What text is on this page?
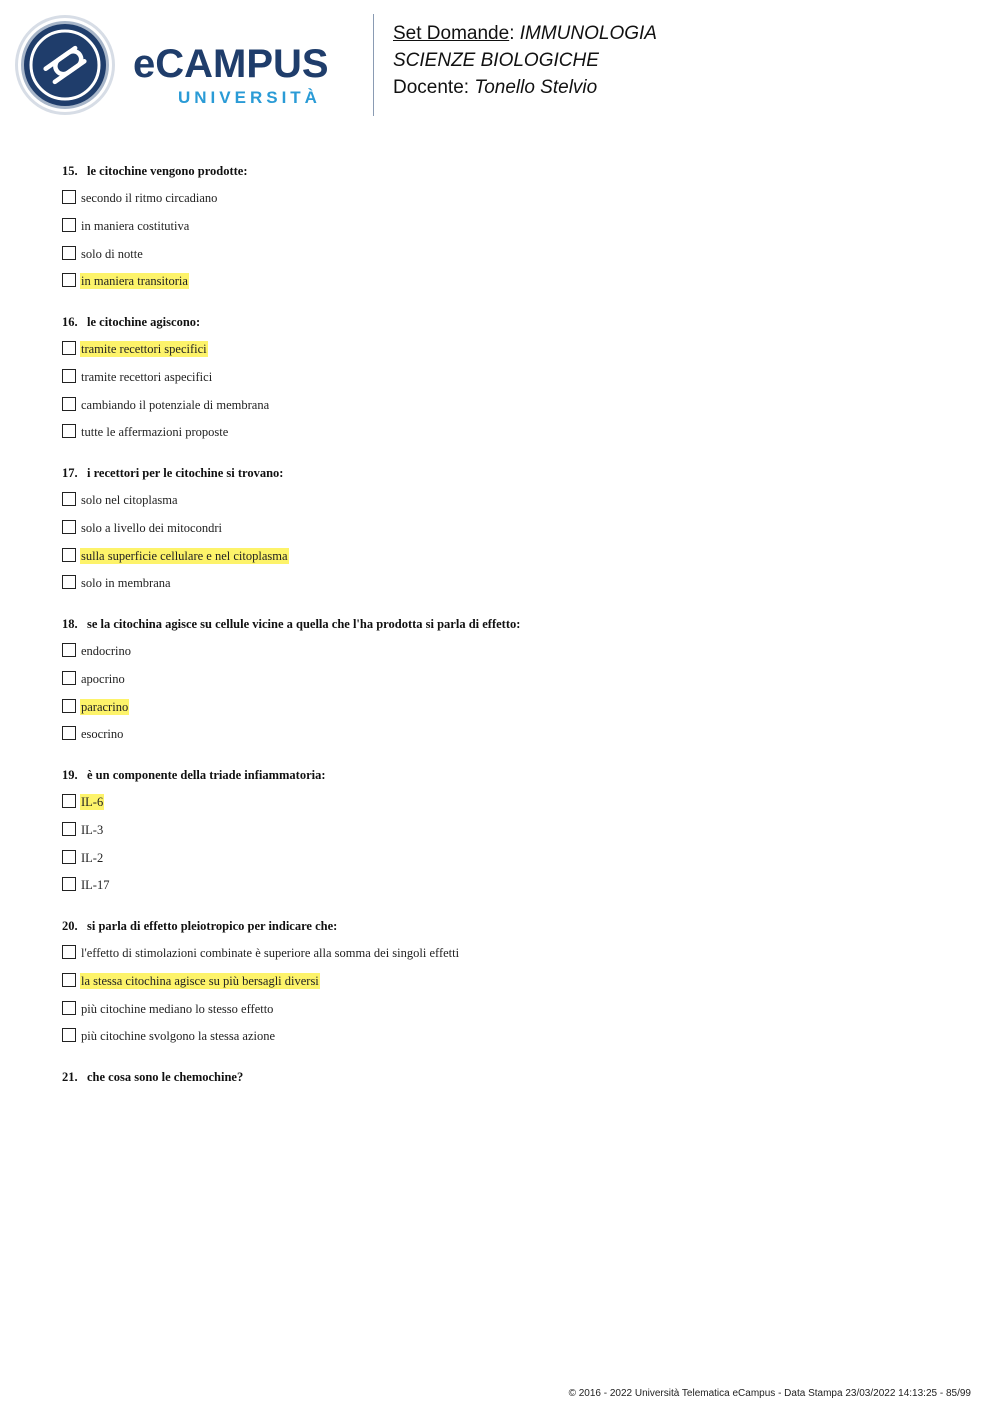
eCAMPUS
UNIVERSITÀ
Set Domande: IMMUNOLOGIA
SCIENZE BIOLOGICHE
Docente: Tonello Stelvio
15. le citochine vengono prodotte:
secondo il ritmo circadiano
in maniera costitutiva
solo di notte
in maniera transitoria
16. le citochine agiscono:
tramite recettori specifici
tramite recettori aspecifici
cambiando il potenziale di membrana
tutte le affermazioni proposte
17. i recettori per le citochine si trovano:
solo nel citoplasma
solo a livello dei mitocondri
sulla superficie cellulare e nel citoplasma
solo in membrana
18. se la citochina agisce su cellule vicine a quella che l'ha prodotta si parla di effetto:
endocrino
apocrino
paracrino
esocrino
19. è un componente della triade infiammatoria:
IL-6
IL-3
IL-2
IL-17
20. si parla di effetto pleiotropico per indicare che:
l'effetto di stimolazioni combinate è superiore alla somma dei singoli effetti
la stessa citochina agisce su più bersagli diversi
più citochine mediano lo stesso effetto
più citochine svolgono la stessa azione
21. che cosa sono le chemochine?
© 2016 - 2022 Università Telematica eCampus - Data Stampa 23/03/2022 14:13:25 - 85/99
